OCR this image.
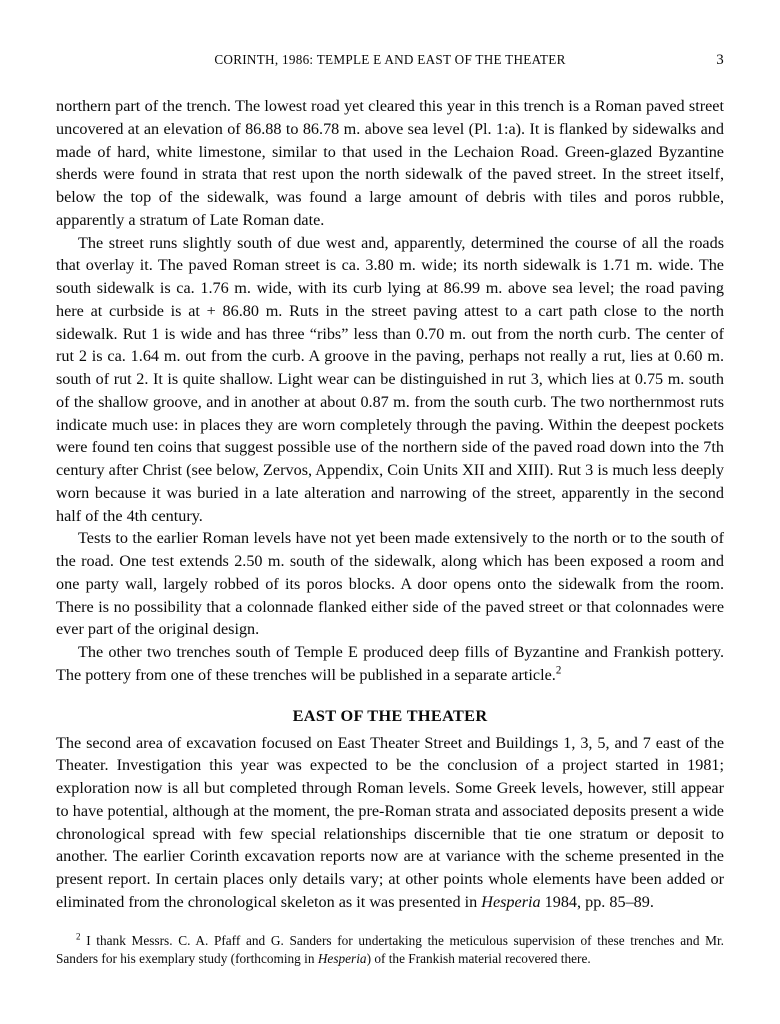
CORINTH, 1986: TEMPLE E AND EAST OF THE THEATER	3

northern part of the trench. The lowest road yet cleared this year in this trench is a Roman paved street uncovered at an elevation of 86.88 to 86.78 m. above sea level (Pl. 1:a). It is flanked by sidewalks and made of hard, white limestone, similar to that used in the Lechaion Road. Green-glazed Byzantine sherds were found in strata that rest upon the north sidewalk of the paved street. In the street itself, below the top of the sidewalk, was found a large amount of debris with tiles and poros rubble, apparently a stratum of Late Roman date.

The street runs slightly south of due west and, apparently, determined the course of all the roads that overlay it. The paved Roman street is ca. 3.80 m. wide; its north sidewalk is 1.71 m. wide. The south sidewalk is ca. 1.76 m. wide, with its curb lying at 86.99 m. above sea level; the road paving here at curbside is at + 86.80 m. Ruts in the street paving attest to a cart path close to the north sidewalk. Rut 1 is wide and has three “ribs” less than 0.70 m. out from the north curb. The center of rut 2 is ca. 1.64 m. out from the curb. A groove in the paving, perhaps not really a rut, lies at 0.60 m. south of rut 2. It is quite shallow. Light wear can be distinguished in rut 3, which lies at 0.75 m. south of the shallow groove, and in another at about 0.87 m. from the south curb. The two northernmost ruts indicate much use: in places they are worn completely through the paving. Within the deepest pockets were found ten coins that suggest possible use of the northern side of the paved road down into the 7th century after Christ (see below, Zervos, Appendix, Coin Units XII and XIII). Rut 3 is much less deeply worn because it was buried in a late alteration and narrowing of the street, apparently in the second half of the 4th century.

Tests to the earlier Roman levels have not yet been made extensively to the north or to the south of the road. One test extends 2.50 m. south of the sidewalk, along which has been exposed a room and one party wall, largely robbed of its poros blocks. A door opens onto the sidewalk from the room. There is no possibility that a colonnade flanked either side of the paved street or that colonnades were ever part of the original design.

The other two trenches south of Temple E produced deep fills of Byzantine and Frankish pottery. The pottery from one of these trenches will be published in a separate article.$^2$

EAST OF THE THEATER

The second area of excavation focused on East Theater Street and Buildings 1, 3, 5, and 7 east of the Theater. Investigation this year was expected to be the conclusion of a project started in 1981; exploration now is all but completed through Roman levels. Some Greek levels, however, still appear to have potential, although at the moment, the pre-Roman strata and associated deposits present a wide chronological spread with few special relationships discernible that tie one stratum or deposit to another. The earlier Corinth excavation reports now are at variance with the scheme presented in the present report. In certain places only details vary; at other points whole elements have been added or eliminated from the chronological skeleton as it was presented in Hesperia 1984, pp. 85–89.

$^2$ I thank Messrs. C. A. Pfaff and G. Sanders for undertaking the meticulous supervision of these trenches and Mr. Sanders for his exemplary study (forthcoming in Hesperia) of the Frankish material recovered there.
